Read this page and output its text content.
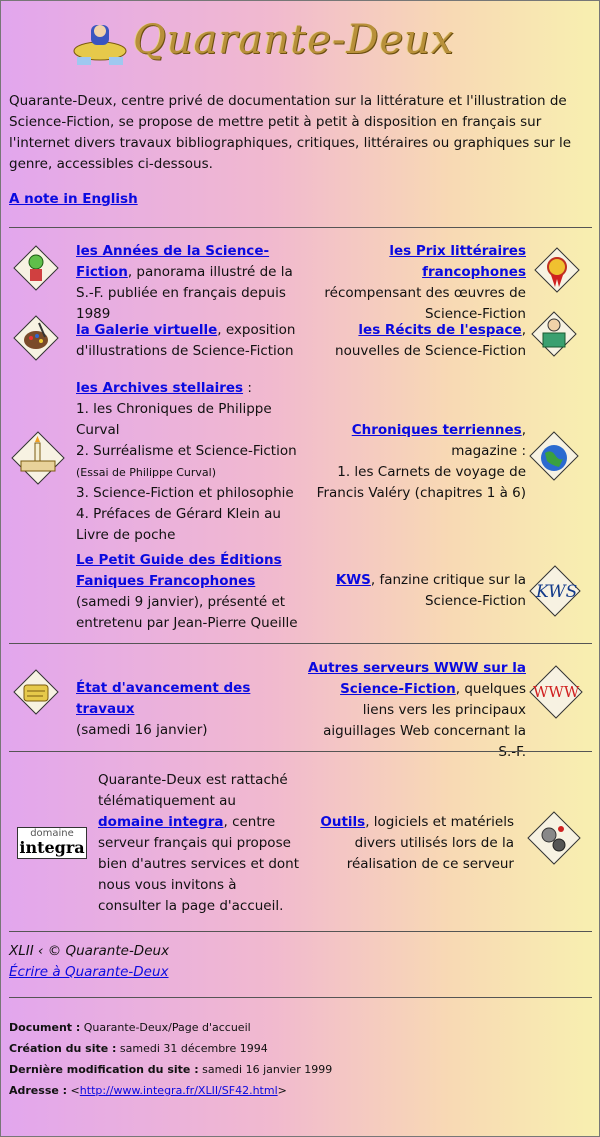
Quarante-Deux
Quarante-Deux, centre privé de documentation sur la littérature et l'illustration de Science-Fiction, se propose de mettre petit à petit à disposition en français sur l'internet divers travaux bibliographiques, critiques, littéraires ou graphiques sur le genre, accessibles ci-dessous.
A note in English
les Années de la Science-Fiction, panorama illustré de la S.-F. publiée en français depuis 1989
les Prix littéraires francophones
récompensant des œuvres de Science-Fiction
la Galerie virtuelle, exposition d'illustrations de Science-Fiction
les Récits de l'espace, nouvelles de Science-Fiction
les Archives stellaires :
1. les Chroniques de Philippe Curval
2. Surréalisme et Science-Fiction
(Essai de Philippe Curval)
3. Science-Fiction et philosophie
4. Préfaces de Gérard Klein au Livre de poche
Chroniques terriennes, magazine :
1. les Carnets de voyage de Francis Valéry (chapitres 1 à 6)
Le Petit Guide des Éditions Faniques Francophones (samedi 9 janvier), présenté et entretenu par Jean-Pierre Queille
KWS, fanzine critique sur la Science-Fiction KWS
État d'avancement des travaux
(samedi 16 janvier)
Autres serveurs WWW sur la Science-Fiction, quelques liens vers les principaux aiguillages Web concernant la S.-F.
WWW
domaine
integra
Quarante-Deux est rattaché télématiquement au domaine integra, centre serveur français qui propose bien d'autres services et dont nous vous invitons à consulter la page d'accueil.
Outils, logiciels et matériels divers utilisés lors de la réalisation de ce serveur
XLII ‹ © Quarante-Deux
Écrire à Quarante-Deux
Document : Quarante-Deux/Page d'accueil
Création du site : samedi 31 décembre 1994
Dernière modification du site : samedi 16 janvier 1999
Adresse : <http://www.integra.fr/XLII/SF42.html>
